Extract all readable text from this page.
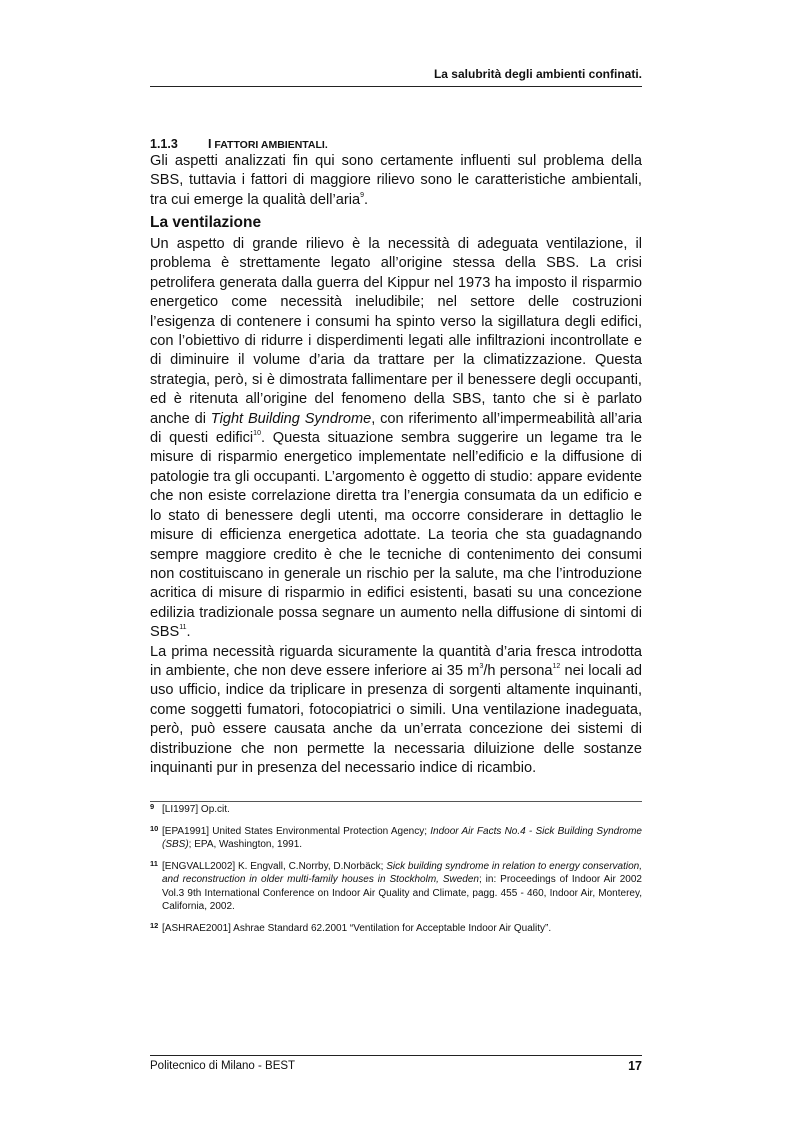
La salubrità degli ambienti confinati.
1.1.3 I FATTORI AMBIENTALI.
Gli aspetti analizzati fin qui sono certamente influenti sul problema della SBS, tuttavia i fattori di maggiore rilievo sono le caratteristiche ambientali, tra cui emerge la qualità dell’aria$^9$.
La ventilazione
Un aspetto di grande rilievo è la necessità di adeguata ventilazione, il problema è strettamente legato all’origine stessa della SBS. La crisi petrolifera generata dalla guerra del Kippur nel 1973 ha imposto il risparmio energetico come necessità ineludibile; nel settore delle costruzioni l’esigenza di contenere i consumi ha spinto verso la sigillatura degli edifici, con l’obiettivo di ridurre i disperdimenti legati alle infiltrazioni incontrollate e di diminuire il volume d’aria da trattare per la climatizzazione. Questa strategia, però, si è dimostrata fallimentare per il benessere degli occupanti, ed è ritenuta all’origine del fenomeno della SBS, tanto che si è parlato anche di Tight Building Syndrome, con riferimento all’impermeabilità all’aria di questi edifici$^{10}$. Questa situazione sembra suggerire un legame tra le misure di risparmio energetico implementate nell’edificio e la diffusione di patologie tra gli occupanti. L’argomento è oggetto di studio: appare evidente che non esiste correlazione diretta tra l’energia consumata da un edificio e lo stato di benessere degli utenti, ma occorre considerare in dettaglio le misure di efficienza energetica adottate. La teoria che sta guadagnando sempre maggiore credito è che le tecniche di contenimento dei consumi non costituiscano in generale un rischio per la salute, ma che l’introduzione acritica di misure di risparmio in edifici esistenti, basati su una concezione edilizia tradizionale possa segnare un aumento nella diffusione di sintomi di SBS$^{11}$.
La prima necessità riguarda sicuramente la quantità d’aria fresca introdotta in ambiente, che non deve essere inferiore ai 35 $m^3/h$ persona$^{12}$ nei locali ad uso ufficio, indice da triplicare in presenza di sorgenti altamente inquinanti, come soggetti fumatori, fotocopiatrici o simili. Una ventilazione inadeguata, però, può essere causata anche da un’errata concezione dei sistemi di distribuzione che non permette la necessaria diluizione delle sostanze inquinanti pur in presenza del necessario indice di ricambio.
9 [LI1997] Op.cit.
10 [EPA1991] United States Environmental Protection Agency; Indoor Air Facts No.4 - Sick Building Syndrome (SBS); EPA, Washington, 1991.
11 [ENGVALL2002] K. Engvall, C.Norrby, D.Norbäck; Sick building syndrome in relation to energy conservation, and reconstruction in older multi-family houses in Stockholm, Sweden; in: Proceedings of Indoor Air 2002 Vol.3 9th International Conference on Indoor Air Quality and Climate, pagg. 455 - 460, Indoor Air, Monterey, California, 2002.
12 [ASHRAE2001] Ashrae Standard 62.2001 “Ventilation for Acceptable Indoor Air Quality”.
Politecnico di Milano - BEST	17
